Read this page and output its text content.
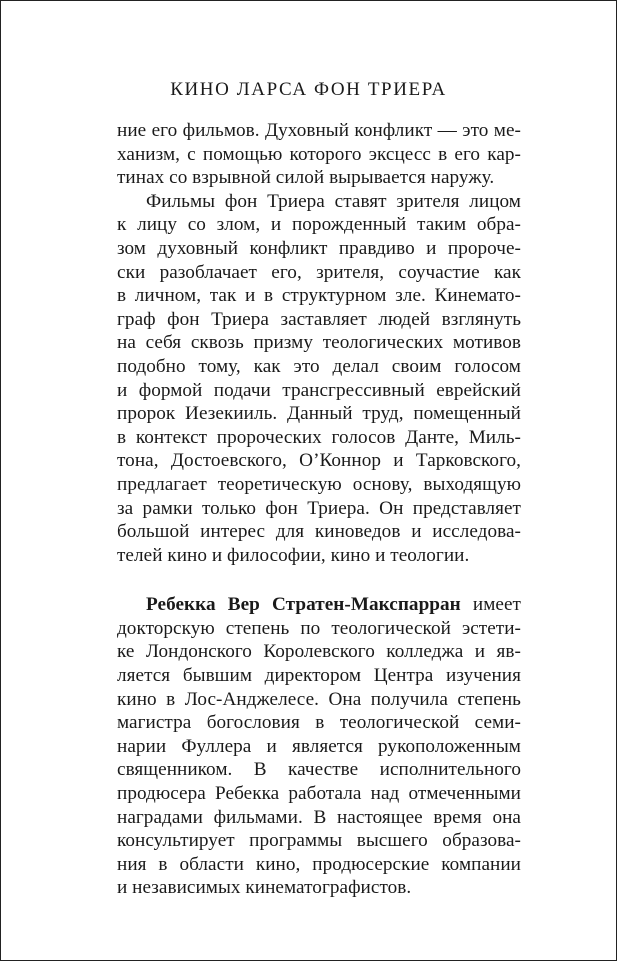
КИНО ЛАРСА ФОН ТРИЕРА
ние его фильмов. Духовный конфликт — это ме-
ханизм, с помощью которого эксцесс в его кар-
тинах со взрывной силой вырывается наружу.
Фильмы фон Триера ставят зрителя лицом
к лицу со злом, и порожденный таким обра-
зом духовный конфликт правдиво и пророче-
ски разоблачает его, зрителя, соучастие как
в личном, так и в структурном зле. Кинемато-
граф фон Триера заставляет людей взглянуть
на себя сквозь призму теологических мотивов
подобно тому, как это делал своим голосом
и формой подачи трансгрессивный еврейский
пророк Иезекииль. Данный труд, помещенный
в контекст пророческих голосов Данте, Миль-
тона, Достоевского, О’Коннор и Тарковского,
предлагает теоретическую основу, выходящую
за рамки только фон Триера. Он представляет
большой интерес для киноведов и исследова-
телей кино и философии, кино и теологии.
Ребекка Вер Стратен-Макспарран имеет
докторскую степень по теологической эстети-
ке Лондонского Королевского колледжа и яв-
ляется бывшим директором Центра изучения
кино в Лос-Анджелесе. Она получила степень
магистра богословия в теологической семи-
нарии Фуллера и является рукоположенным
священником. В качестве исполнительного
продюсера Ребекка работала над отмеченными
наградами фильмами. В настоящее время она
консультирует программы высшего образова-
ния в области кино, продюсерские компании
и независимых кинематографистов.
